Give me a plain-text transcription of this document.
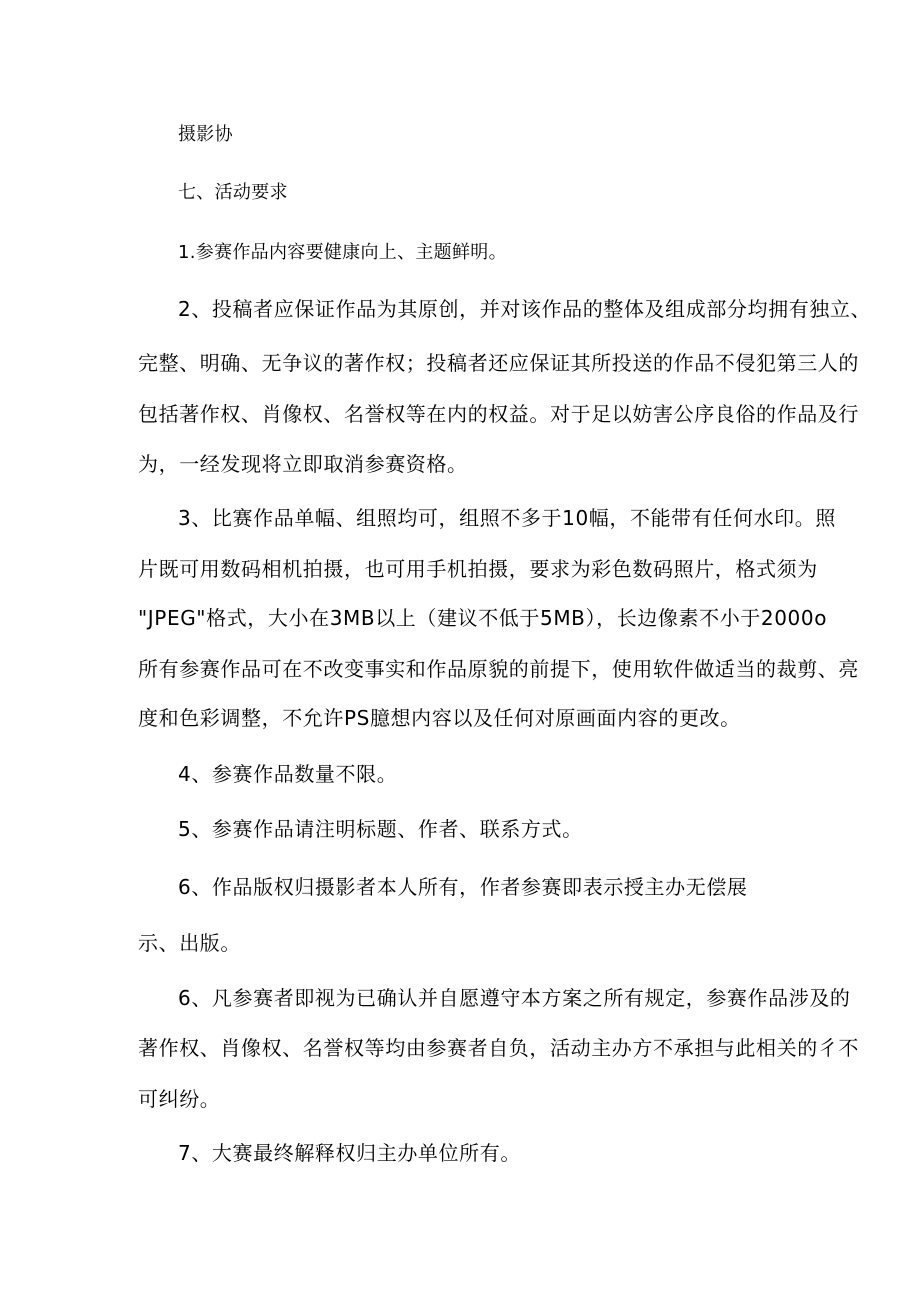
摄影协
七、活动要求
1.参赛作品内容要健康向上、主题鲜明。
2、投稿者应保证作品为其原创，并对该作品的整体及组成部分均拥有独立、
完整、明确、无争议的著作权；投稿者还应保证其所投送的作品不侵犯第三人的
包括著作权、肖像权、名誉权等在内的权益。对于足以妨害公序良俗的作品及行
为，一经发现将立即取消参赛资格。
3、比赛作品单幅、组照均可，组照不多于10幅，不能带有任何水印。照
片既可用数码相机拍摄，也可用手机拍摄，要求为彩色数码照片，格式须为
"JPEG"格式，大小在3MB以上（建议不低于5MB），长边像素不小于2000o
所有参赛作品可在不改变事实和作品原貌的前提下，使用软件做适当的裁剪、亮
度和色彩调整，不允许PS臆想内容以及任何对原画面内容的更改。
4、参赛作品数量不限。
5、参赛作品请注明标题、作者、联系方式。
6、作品版权归摄影者本人所有，作者参赛即表示授主办无偿展
示、出版。
6、凡参赛者即视为已确认并自愿遵守本方案之所有规定，参赛作品涉及的
著作权、肖像权、名誉权等均由参赛者自负，活动主办方不承担与此相关的彳不
可纠纷。
7、大赛最终解释权归主办单位所有。
